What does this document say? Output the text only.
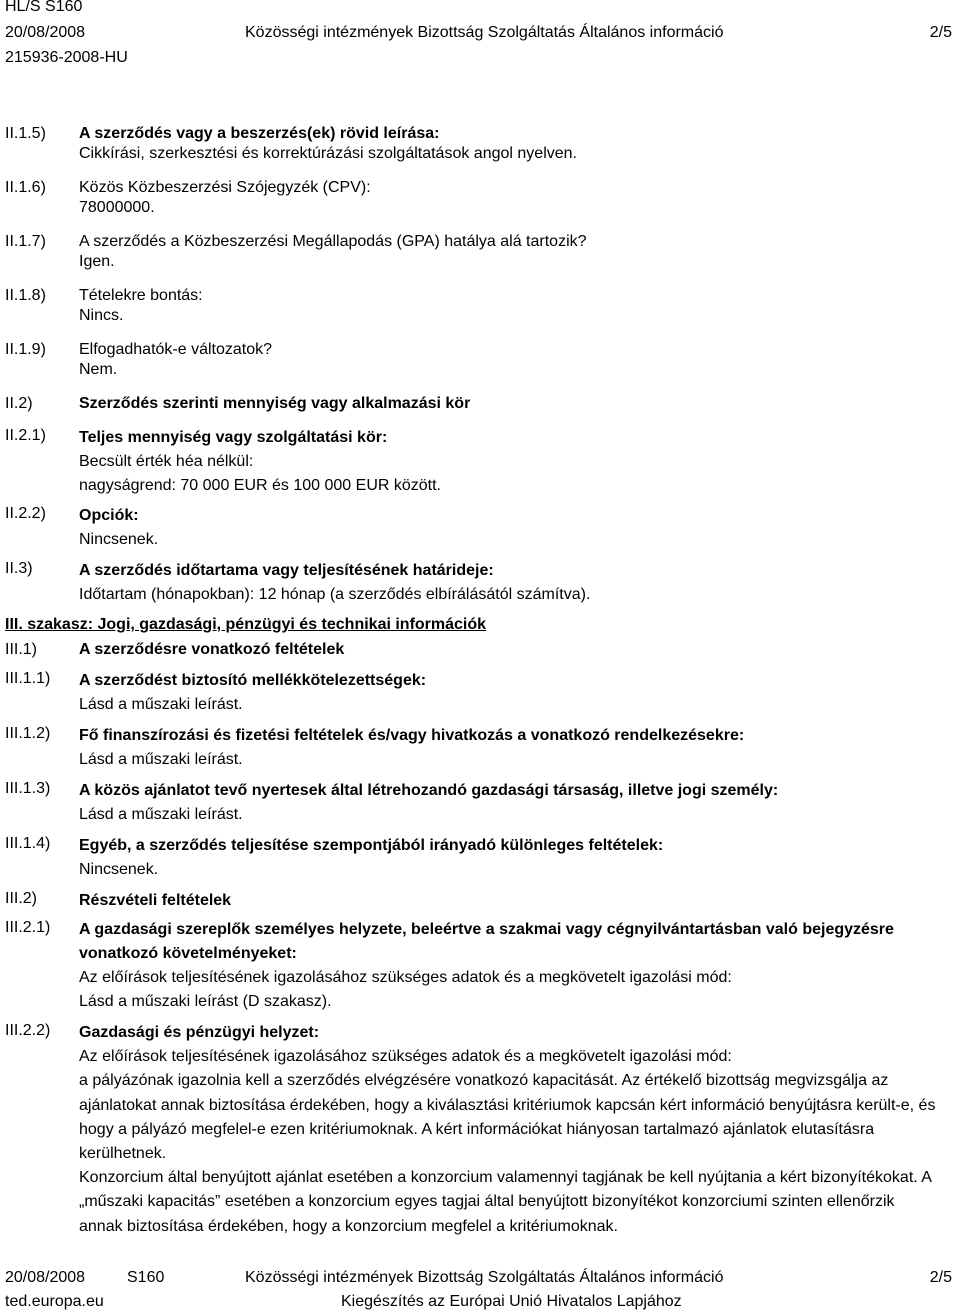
HL/S S160
20/08/2008	Közösségi intézmények Bizottság Szolgáltatás Általános információ	2/5
215936-2008-HU
II.1.5) A szerződés vagy a beszerzés(ek) rövid leírása:
Cikkírási, szerkesztési és korrektúrázási szolgáltatások angol nyelven.
II.1.6) Közös Közbeszerzési Szójegyzék (CPV):
78000000.
II.1.7) A szerződés a Közbeszerzési Megállapodás (GPA) hatálya alá tartozik?
Igen.
II.1.8) Tételekre bontás:
Nincs.
II.1.9) Elfogadhatók-e változatok?
Nem.
II.2)	Szerződés szerinti mennyiség vagy alkalmazási kör
II.2.1) Teljes mennyiség vagy szolgáltatási kör:
Becsült érték héa nélkül:
nagyságrend: 70 000 EUR és 100 000 EUR között.
II.2.2) Opciók:
Nincsenek.
II.3)	A szerződés időtartama vagy teljesítésének határideje:
Időtartam (hónapokban): 12 hónap (a szerződés elbírálásától számítva).
III. szakasz: Jogi, gazdasági, pénzügyi és technikai információk
III.1)	A szerződésre vonatkozó feltételek
III.1.1) A szerződést biztosító mellékkötelezettségek:
Lásd a műszaki leírást.
III.1.2) Fő finanszírozási és fizetési feltételek és/vagy hivatkozás a vonatkozó rendelkezésekre:
Lásd a műszaki leírást.
III.1.3) A közös ajánlatot tevő nyertesek által létrehozandó gazdasági társaság, illetve jogi személy:
Lásd a műszaki leírást.
III.1.4) Egyéb, a szerződés teljesítése szempontjából irányadó különleges feltételek:
Nincsenek.
III.2)	Részvételi feltételek
III.2.1) A gazdasági szereplők személyes helyzete, beleértve a szakmai vagy cégnyilvántartásban való bejegyzésre vonatkozó követelményeket:
Az előírások teljesítésének igazolásához szükséges adatok és a megkövetelt igazolási mód:
Lásd a műszaki leírást (D szakasz).
III.2.2) Gazdasági és pénzügyi helyzet:
Az előírások teljesítésének igazolásához szükséges adatok és a megkövetelt igazolási mód:
a pályázónak igazolnia kell a szerződés elvégzésére vonatkozó kapacitását. Az értékelő bizottság megvizsgálja az ajánlatokat annak biztosítása érdekében, hogy a kiválasztási kritériumok kapcsán kért információ benyújtásra került-e, és hogy a pályázó megfelel-e ezen kritériumoknak. A kért információkat hiányosan tartalmazó ajánlatok elutasításra kerülhetnek.
Konzorcium által benyújtott ajánlat esetében a konzorcium valamennyi tagjának be kell nyújtania a kért bizonyítékokat. A „műszaki kapacitás” esetében a konzorcium egyes tagjai által benyújtott bizonyítékot konzorciumi szinten ellenőrzik annak biztosítása érdekében, hogy a konzorcium megfelel a kritériumoknak.
20/08/2008	S160	Közösségi intézmények Bizottság Szolgáltatás Általános információ	2/5
ted.europa.eu	Kiegészítés az Európai Unió Hivatalos Lapjához
